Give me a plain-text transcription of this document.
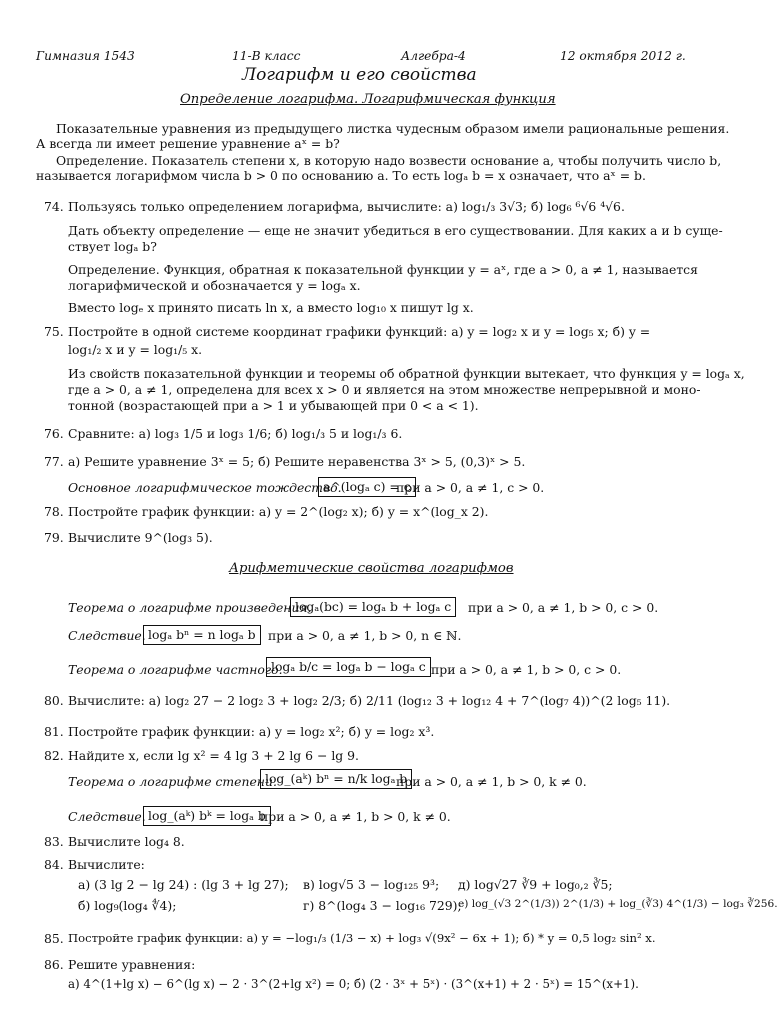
Гимназия 1543	11-В класс	Алгебра-4	12 октября 2012 г.
Логарифм и его свойства
Определение логарифма. Логарифмическая функция
Показательные уравнения из предыдущего листка чудесным образом имели рациональные решения.
А всегда ли имеет решение уравнение aˣ = b?
Определение. Показатель степени x, в которую надо возвести основание a, чтобы получить число b,
называется логарифмом числа b > 0 по основанию a. То есть logₐ b = x означает, что aˣ = b.
74. Пользуясь только определением логарифма, вычислите: а) log₁/₃ 3√3; б) log₆ ⁶√6 ⁴√6.
Дать объекту определение — еще не значит убедиться в его существовании. Для каких a и b суще-
ствует logₐ b?
Определение. Функция, обратная к показательной функции y = aˣ, где a > 0, a ≠ 1, называется
логарифмической и обозначается y = logₐ x.
Вместо logₑ x принято писать ln x, а вместо log₁₀ x пишут lg x.
75. Постройте в одной системе координат графики функций: а) y = log₂ x и y = log₅ x; б) y =
log₁/₂ x и y = log₁/₅ x.
Из свойств показательной функции и теоремы об обратной функции вытекает, что функция y = logₐ x,
где a > 0, a ≠ 1, определена для всех x > 0 и является на этом множестве непрерывной и моно-
тонной (возрастающей при a > 1 и убывающей при 0 < a < 1).
76. Сравните: а) log₃ 1/5 и log₃ 1/6; б) log₁/₃ 5 и log₁/₃ 6.
77. а) Решите уравнение 3ˣ = 5; б) Решите неравенства 3ˣ > 5, (0,3)ˣ > 5.
Основное логарифмическое тождество.
a^(logₐ c) = c
при a > 0, a ≠ 1, c > 0.
78. Постройте график функции: а) y = 2^(log₂ x); б) y = x^(log_x 2).
79. Вычислите 9^(log₃ 5).
Арифметические свойства логарифмов
Теорема о логарифме произведения.
logₐ(bc) = logₐ b + logₐ c	при a > 0, a ≠ 1, b > 0, c > 0.
Следствие. logₐ bⁿ = n logₐ b	при a > 0, a ≠ 1, b > 0, n ∈ ℕ.
Теорема о логарифме частного.
logₐ b/c = logₐ b − logₐ c при a > 0, a ≠ 1, b > 0, c > 0.
80. Вычислите: а) log₂ 27 − 2 log₂ 3 + log₂ 2/3; б) 2/11 (log₁₂ 3 + log₁₂ 4 + 7^(log₇ 4))^(2 log₅ 11).
81. Постройте график функции: а) y = log₂ x²; б) y = log₂ x³.
82. Найдите x, если lg x² = 4 lg 3 + 2 lg 6 − lg 9.
Теорема о логарифме степени.
log_(aᵏ) bⁿ = n/k logₐ b
при a > 0, a ≠ 1, b > 0, k ≠ 0.
Следствие. log_(aᵏ) bᵏ = logₐ b
при a > 0, a ≠ 1, b > 0, k ≠ 0.
83. Вычислите log₄ 8.
84. Вычислите:
а) (3 lg 2 − lg 24) : (lg 3 + lg 27); в) log√5 3 − log₁₂₅ 9³; д) log√27 ∛9 + log₀,₂ ∛5;
б) log₉(log₄ ∜4);	г) 8^(log₄ 3 − log₁₆ 729);
е) log_(√3 2^(1/3)) 2^(1/3) + log_(∛3) 4^(1/3) − log₃ ∛256.
85. Постройте график функции: а) y = −log₁/₃ (1/3 − x) + log₃ √(9x² − 6x + 1); б) * y = 0,5 log₂ sin² x.
86. Решите уравнения:
а) 4^(1+lg x) − 6^(lg x) − 2 · 3^(2+lg x²) = 0; б) (2 · 3ˣ + 5ˣ) · (3^(x+1) + 2 · 5ˣ) = 15^(x+1).
